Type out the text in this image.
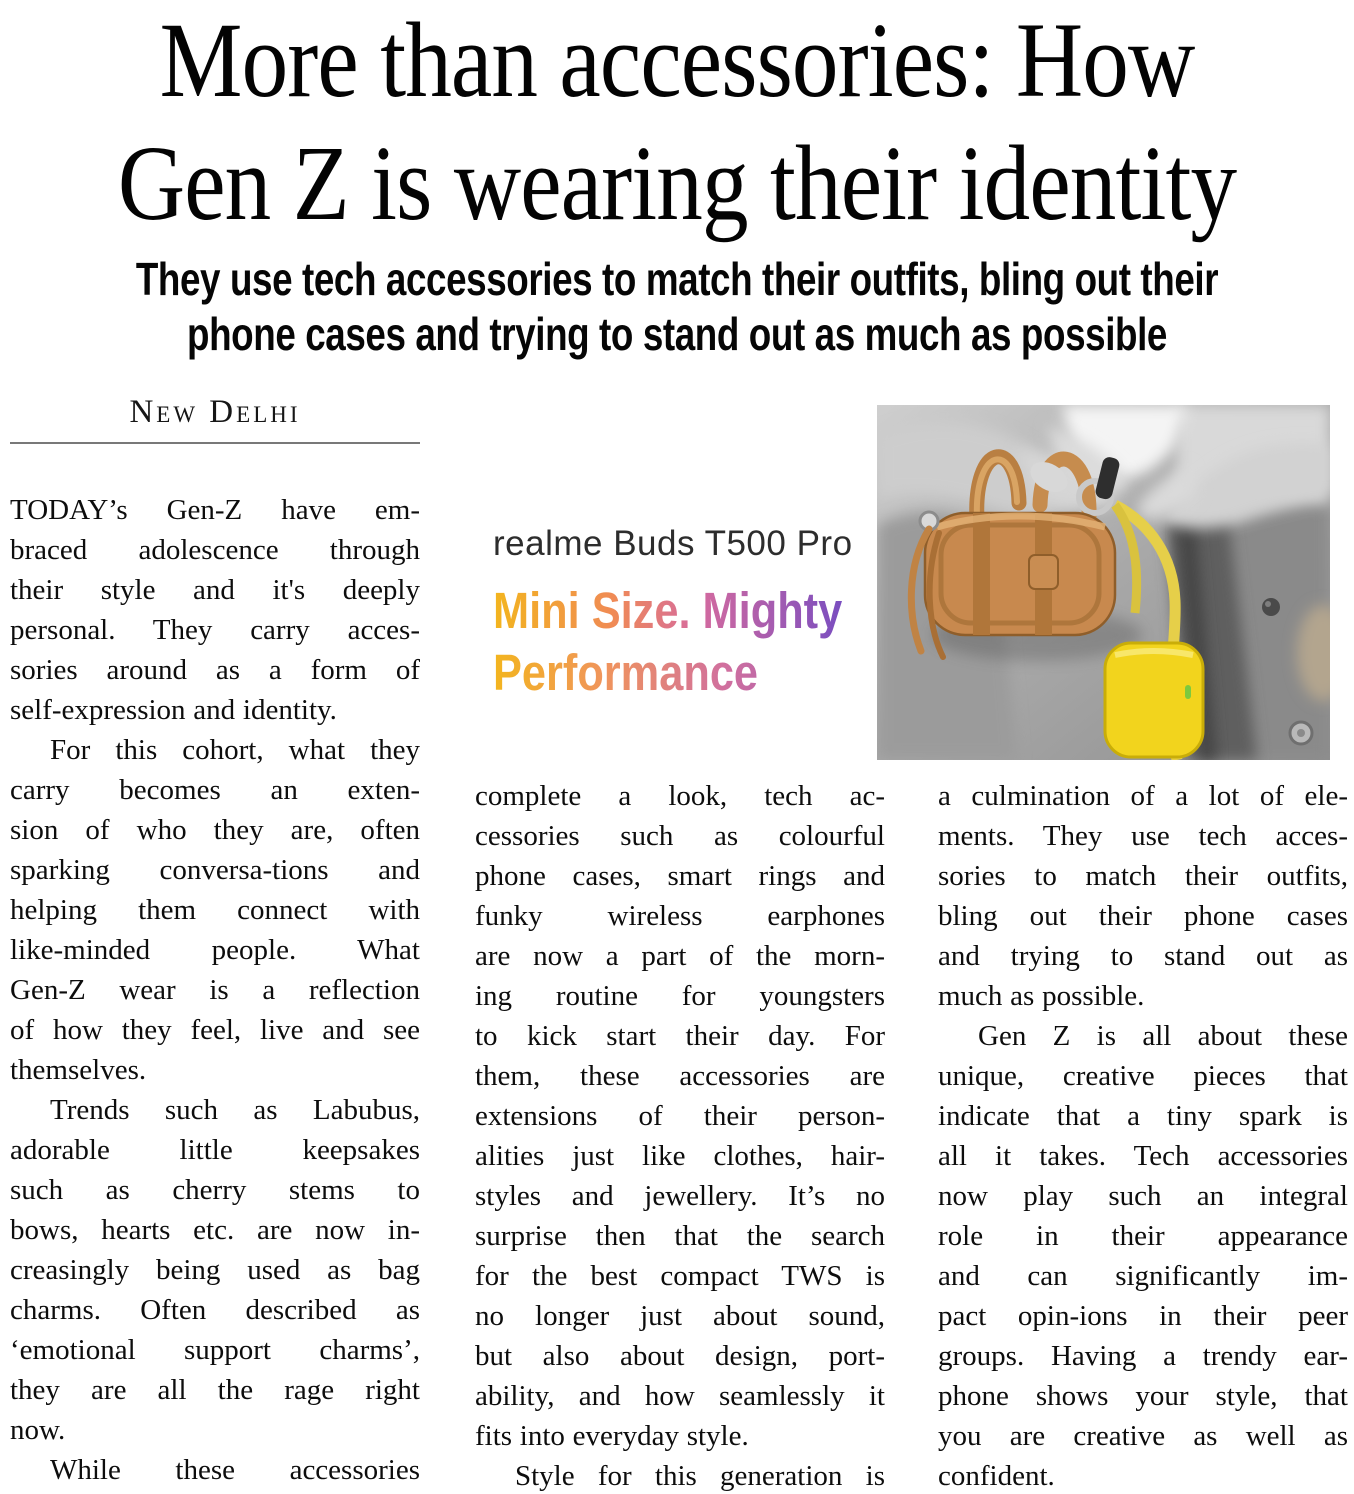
More than accessories: How
Gen Z is wearing their identity
They use tech accessories to match their outfits, bling out their
phone cases and trying to stand out as much as possible
New Delhi
TODAY’s Gen-Z have em-
braced adolescence through
their style and it's deeply
personal. They carry acces-
sories around as a form of
self-expression and identity.
For this cohort, what they
carry becomes an exten-
sion of who they are, often
sparking conversa-tions and
helping them connect with
like-minded people. What
Gen-Z wear is a reflection
of how they feel, live and see
themselves.
Trends such as Labubus,
adorable little keepsakes
such as cherry stems to
bows, hearts etc. are now in-
creasingly being used as bag
charms. Often described as
‘emotional support charms’,
they are all the rage right
now.
While these accessories
realme Buds T500 Pro
Mini Size. Mighty
Performance
complete a look, tech ac-
cessories such as colourful
phone cases, smart rings and
funky wireless earphones
are now a part of the morn-
ing routine for youngsters
to kick start their day. For
them, these accessories are
extensions of their person-
alities just like clothes, hair-
styles and jewellery. It’s no
surprise then that the search
for the best compact TWS is
no longer just about sound,
but also about design, port-
ability, and how seamlessly it
fits into everyday style.
Style for this generation is
a culmination of a lot of ele-
ments. They use tech acces-
sories to match their outfits,
bling out their phone cases
and trying to stand out as
much as possible.
Gen Z is all about these
unique, creative pieces that
indicate that a tiny spark is
all it takes. Tech accessories
now play such an integral
role in their appearance
and can significantly im-
pact opin-ions in their peer
groups. Having a trendy ear-
phone shows your style, that
you are creative as well as
confident.
